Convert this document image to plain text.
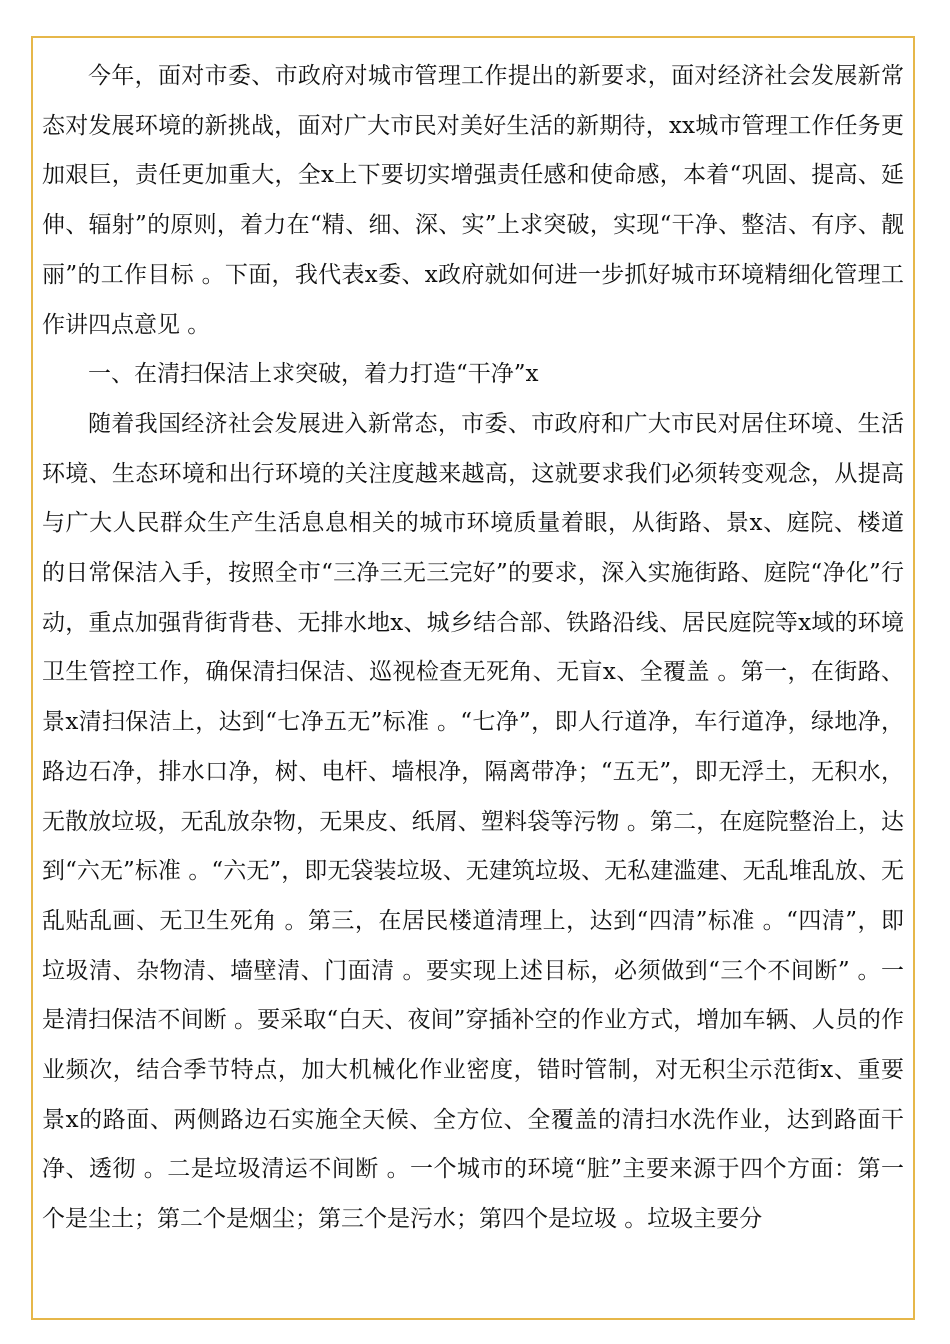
今年，面对市委、市政府对城市管理工作提出的新要求，面对经济社会发展新常态对发展环境的新挑战，面对广大市民对美好生活的新期待，xx城市管理工作任务更加艰巨，责任更加重大，全x上下要切实增强责任感和使命感，本着“巩固、提高、延伸、辐射”的原则，着力在“精、细、深、实”上求突破，实现“干净、整洁、有序、靓丽”的工作目标 。下面，我代表x委、x政府就如何进一步抓好城市环境精细化管理工作讲四点意见 。

一、在清扫保洁上求突破，着力打造“干净”x

随着我国经济社会发展进入新常态，市委、市政府和广大市民对居住环境、生活环境、生态环境和出行环境的关注度越来越高，这就要求我们必须转变观念，从提高与广大人民群众生产生活息息相关的城市环境质量着眼，从街路、景x、庭院、楼道的日常保洁入手，按照全市“三净三无三完好”的要求，深入实施街路、庭院“净化”行动，重点加强背街背巷、无排水地x、城乡结合部、铁路沿线、居民庭院等x域的环境卫生管控工作，确保清扫保洁、巡视检查无死角、无盲x、全覆盖 。第一，在街路、景x清扫保洁上，达到“七净五无”标准 。“七净”，即人行道净，车行道净，绿地净，路边石净，排水口净，树、电杆、墙根净，隔离带净；“五无”，即无浮土，无积水，无散放垃圾，无乱放杂物，无果皮、纸屑、塑料袋等污物 。第二，在庭院整治上，达到“六无”标准 。“六无”，即无袋装垃圾、无建筑垃圾、无私建滥建、无乱堆乱放、无乱贴乱画、无卫生死角 。第三，在居民楼道清理上，达到“四清”标准 。“四清”，即垃圾清、杂物清、墙壁清、门面清 。要实现上述目标，必须做到“三个不间断” 。一是清扫保洁不间断 。要采取“白天、夜间”穿插补空的作业方式，增加车辆、人员的作业频次，结合季节特点，加大机械化作业密度，错时管制，对无积尘示范街x、重要景x的路面、两侧路边石实施全天候、全方位、全覆盖的清扫水洗作业，达到路面干净、透彻 。二是垃圾清运不间断 。一个城市的环境“脏”主要来源于四个方面：第一个是尘土；第二个是烟尘；第三个是污水；第四个是垃圾 。垃圾主要分
